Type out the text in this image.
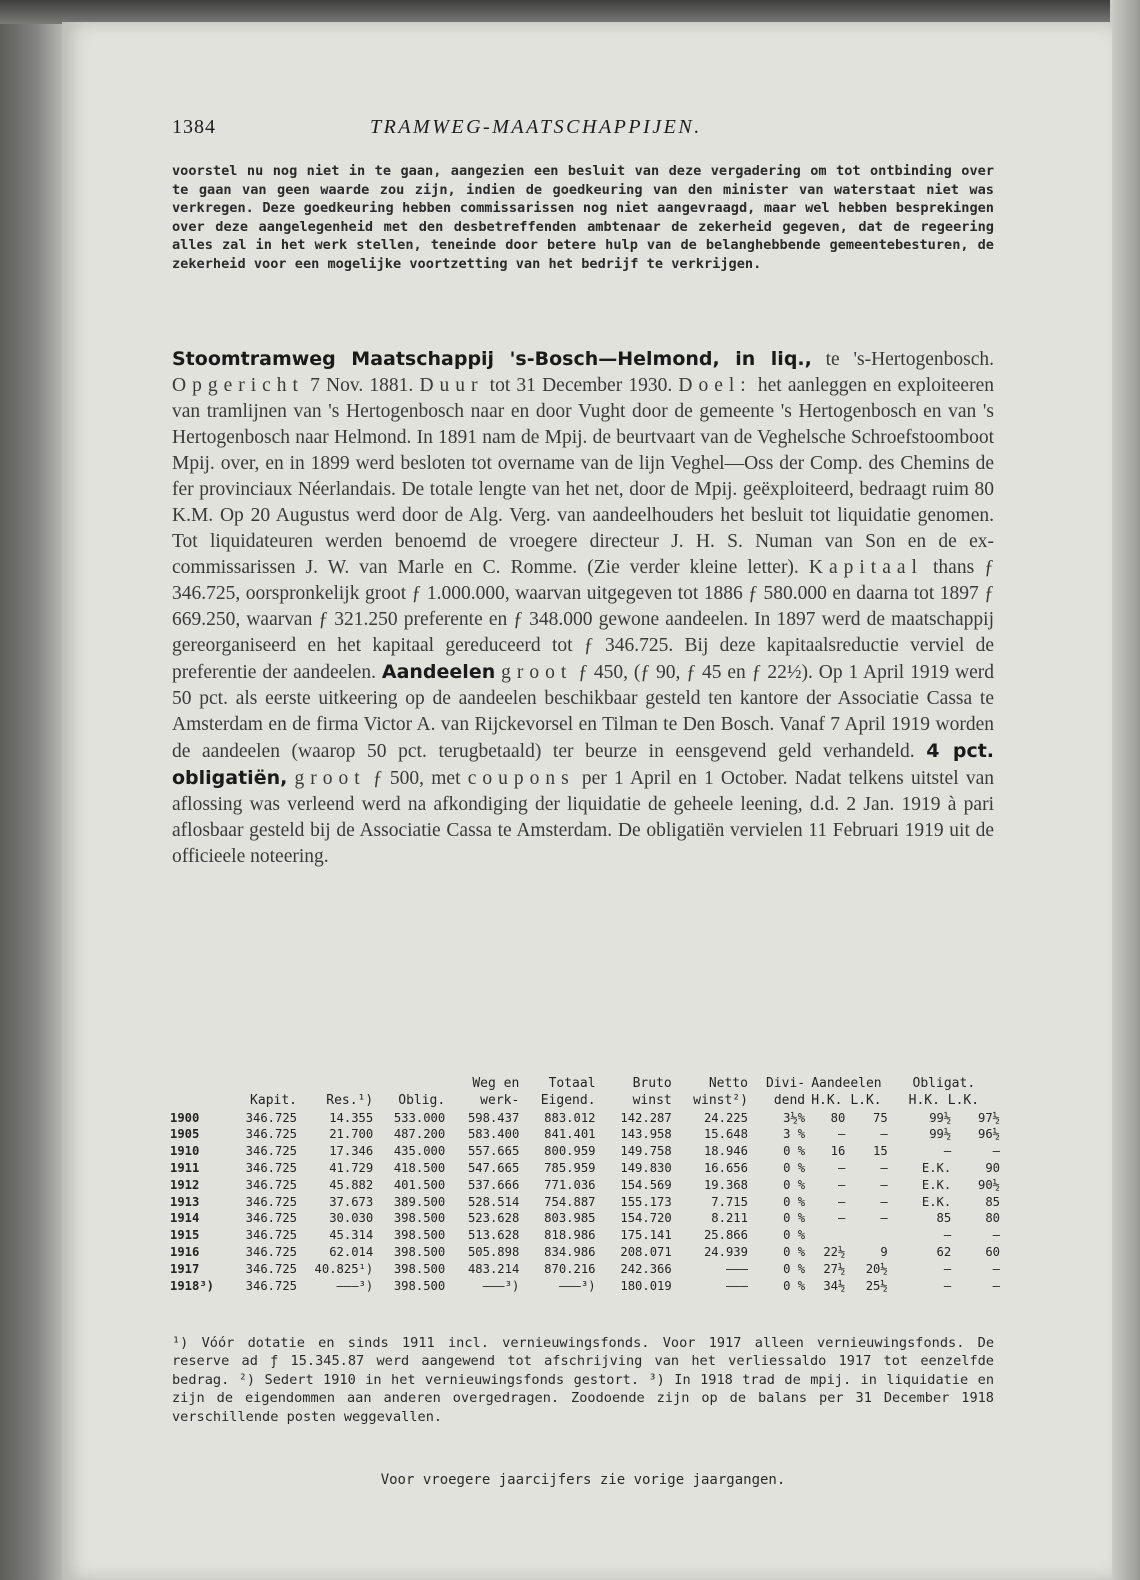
1384	TRAMWEG-MAATSCHAPPIJEN.

voorstel nu nog niet in te gaan, aangezien een besluit van deze vergadering om tot ontbinding over te gaan van geen waarde zou zijn, indien de goedkeuring van den minister van waterstaat niet was verkregen. Deze goedkeuring hebben commissarissen nog niet aangevraagd, maar wel hebben besprekingen over deze aangelegenheid met den desbetreffenden ambtenaar de zekerheid gegeven, dat de regeering alles zal in het werk stellen, teneinde door betere hulp van de belanghebbende gemeentebesturen, de zekerheid voor een mogelijke voortzetting van het bedrijf te verkrijgen.

Stoomtramweg Maatschappij 's-Bosch—Helmond, in liq., te 's-Hertogenbosch. Opgericht 7 Nov. 1881. Duur tot 31 December 1930. Doel: het aanleggen en exploiteeren van tramlijnen van 's Hertogenbosch naar en door Vught door de gemeente 's Hertogenbosch en van 's Hertogenbosch naar Helmond. In 1891 nam de Mpij. de beurtvaart van de Veghelsche Schroefstoomboot Mpij. over, en in 1899 werd besloten tot overname van de lijn Veghel—Oss der Comp. des Chemins de fer provinciaux Néerlandais. De totale lengte van het net, door de Mpij. geëxploiteerd, bedraagt ruim 80 K.M. Op 20 Augustus werd door de Alg. Verg. van aandeelhouders het besluit tot liquidatie genomen. Tot liquidateuren werden benoemd de vroegere directeur J. H. S. Numan van Son en de ex-commissarissen J. W. van Marle en C. Romme. (Zie verder kleine letter). Kapitaal thans ƒ 346.725, oorspronkelijk groot ƒ 1.000.000, waarvan uitgegeven tot 1886 ƒ 580.000 en daarna tot 1897 ƒ 669.250, waarvan ƒ 321.250 preferente en ƒ 348.000 gewone aandeelen. In 1897 werd de maatschappij gereorganiseerd en het kapitaal gereduceerd tot ƒ 346.725. Bij deze kapitaalsreductie verviel de preferentie der aandeelen. Aandeelen groot ƒ 450, (ƒ 90, ƒ 45 en ƒ 22½). Op 1 April 1919 werd 50 pct. als eerste uitkeering op de aandeelen beschikbaar gesteld ten kantore der Associatie Cassa te Amsterdam en de firma Victor A. van Rijckevorsel en Tilman te Den Bosch. Vanaf 7 April 1919 worden de aandeelen (waarop 50 pct. terugbetaald) ter beurze in eensgevend geld verhandeld. 4 pct. obligatiën, groot ƒ 500, met coupons per 1 April en 1 October. Nadat telkens uitstel van aflossing was verleend werd na afkondiging der liquidatie de geheele leening, d.d. 2 Jan. 1919 à pari aflosbaar gesteld bij de Associatie Cassa te Amsterdam. De obligatiën vervielen 11 Februari 1919 uit de officieele noteering.

				Weg en	Totaal	Bruto	Netto	Divi-	Aandeelen		Obligat.	
	Kapit.	Res.¹)	Oblig.	werk-	Eigend.	winst	winst²)	dend	H.K. L.K.		H.K. L.K.	
1900	346.725	14.355	533.000	598.437	883.012	142.287	24.225	3½%	80	75	99½	97½
1905	346.725	21.700	487.200	583.400	841.401	143.958	15.648	3 %	—	—	99½	96½
1910	346.725	17.346	435.000	557.665	800.959	149.758	18.946	0 %	16	15	—	—
1911	346.725	41.729	418.500	547.665	785.959	149.830	16.656	0 %	—	—	E.K.	90
1912	346.725	45.882	401.500	537.666	771.036	154.569	19.368	0 %	—	—	E.K.	90½
1913	346.725	37.673	389.500	528.514	754.887	155.173	7.715	0 %	—	—	E.K.	85
1914	346.725	30.030	398.500	523.628	803.985	154.720	8.211	0 %	—	—	85	80
1915	346.725	45.314	398.500	513.628	818.986	175.141	25.866	0 %			—	—
1916	346.725	62.014	398.500	505.898	834.986	208.071	24.939	0 %	22½	9	62	60
1917	346.725	40.825¹)	398.500	483.214	870.216	242.366	———	0 %	27½	20½	—	—
1918³)	346.725	———³)	398.500	———³)	———³)	180.019	———	0 %	34½	25½	—	—

¹) Vóór dotatie en sinds 1911 incl. vernieuwingsfonds. Voor 1917 alleen vernieuwingsfonds. De reserve ad ƒ 15.345.87 werd aangewend tot afschrijving van het verliessaldo 1917 tot eenzelfde bedrag. ²) Sedert 1910 in het vernieuwingsfonds gestort. ³) In 1918 trad de mpij. in liquidatie en zijn de eigendommen aan anderen overgedragen. Zoodoende zijn op de balans per 31 December 1918 verschillende posten weggevallen.

Voor vroegere jaarcijfers zie vorige jaargangen.
